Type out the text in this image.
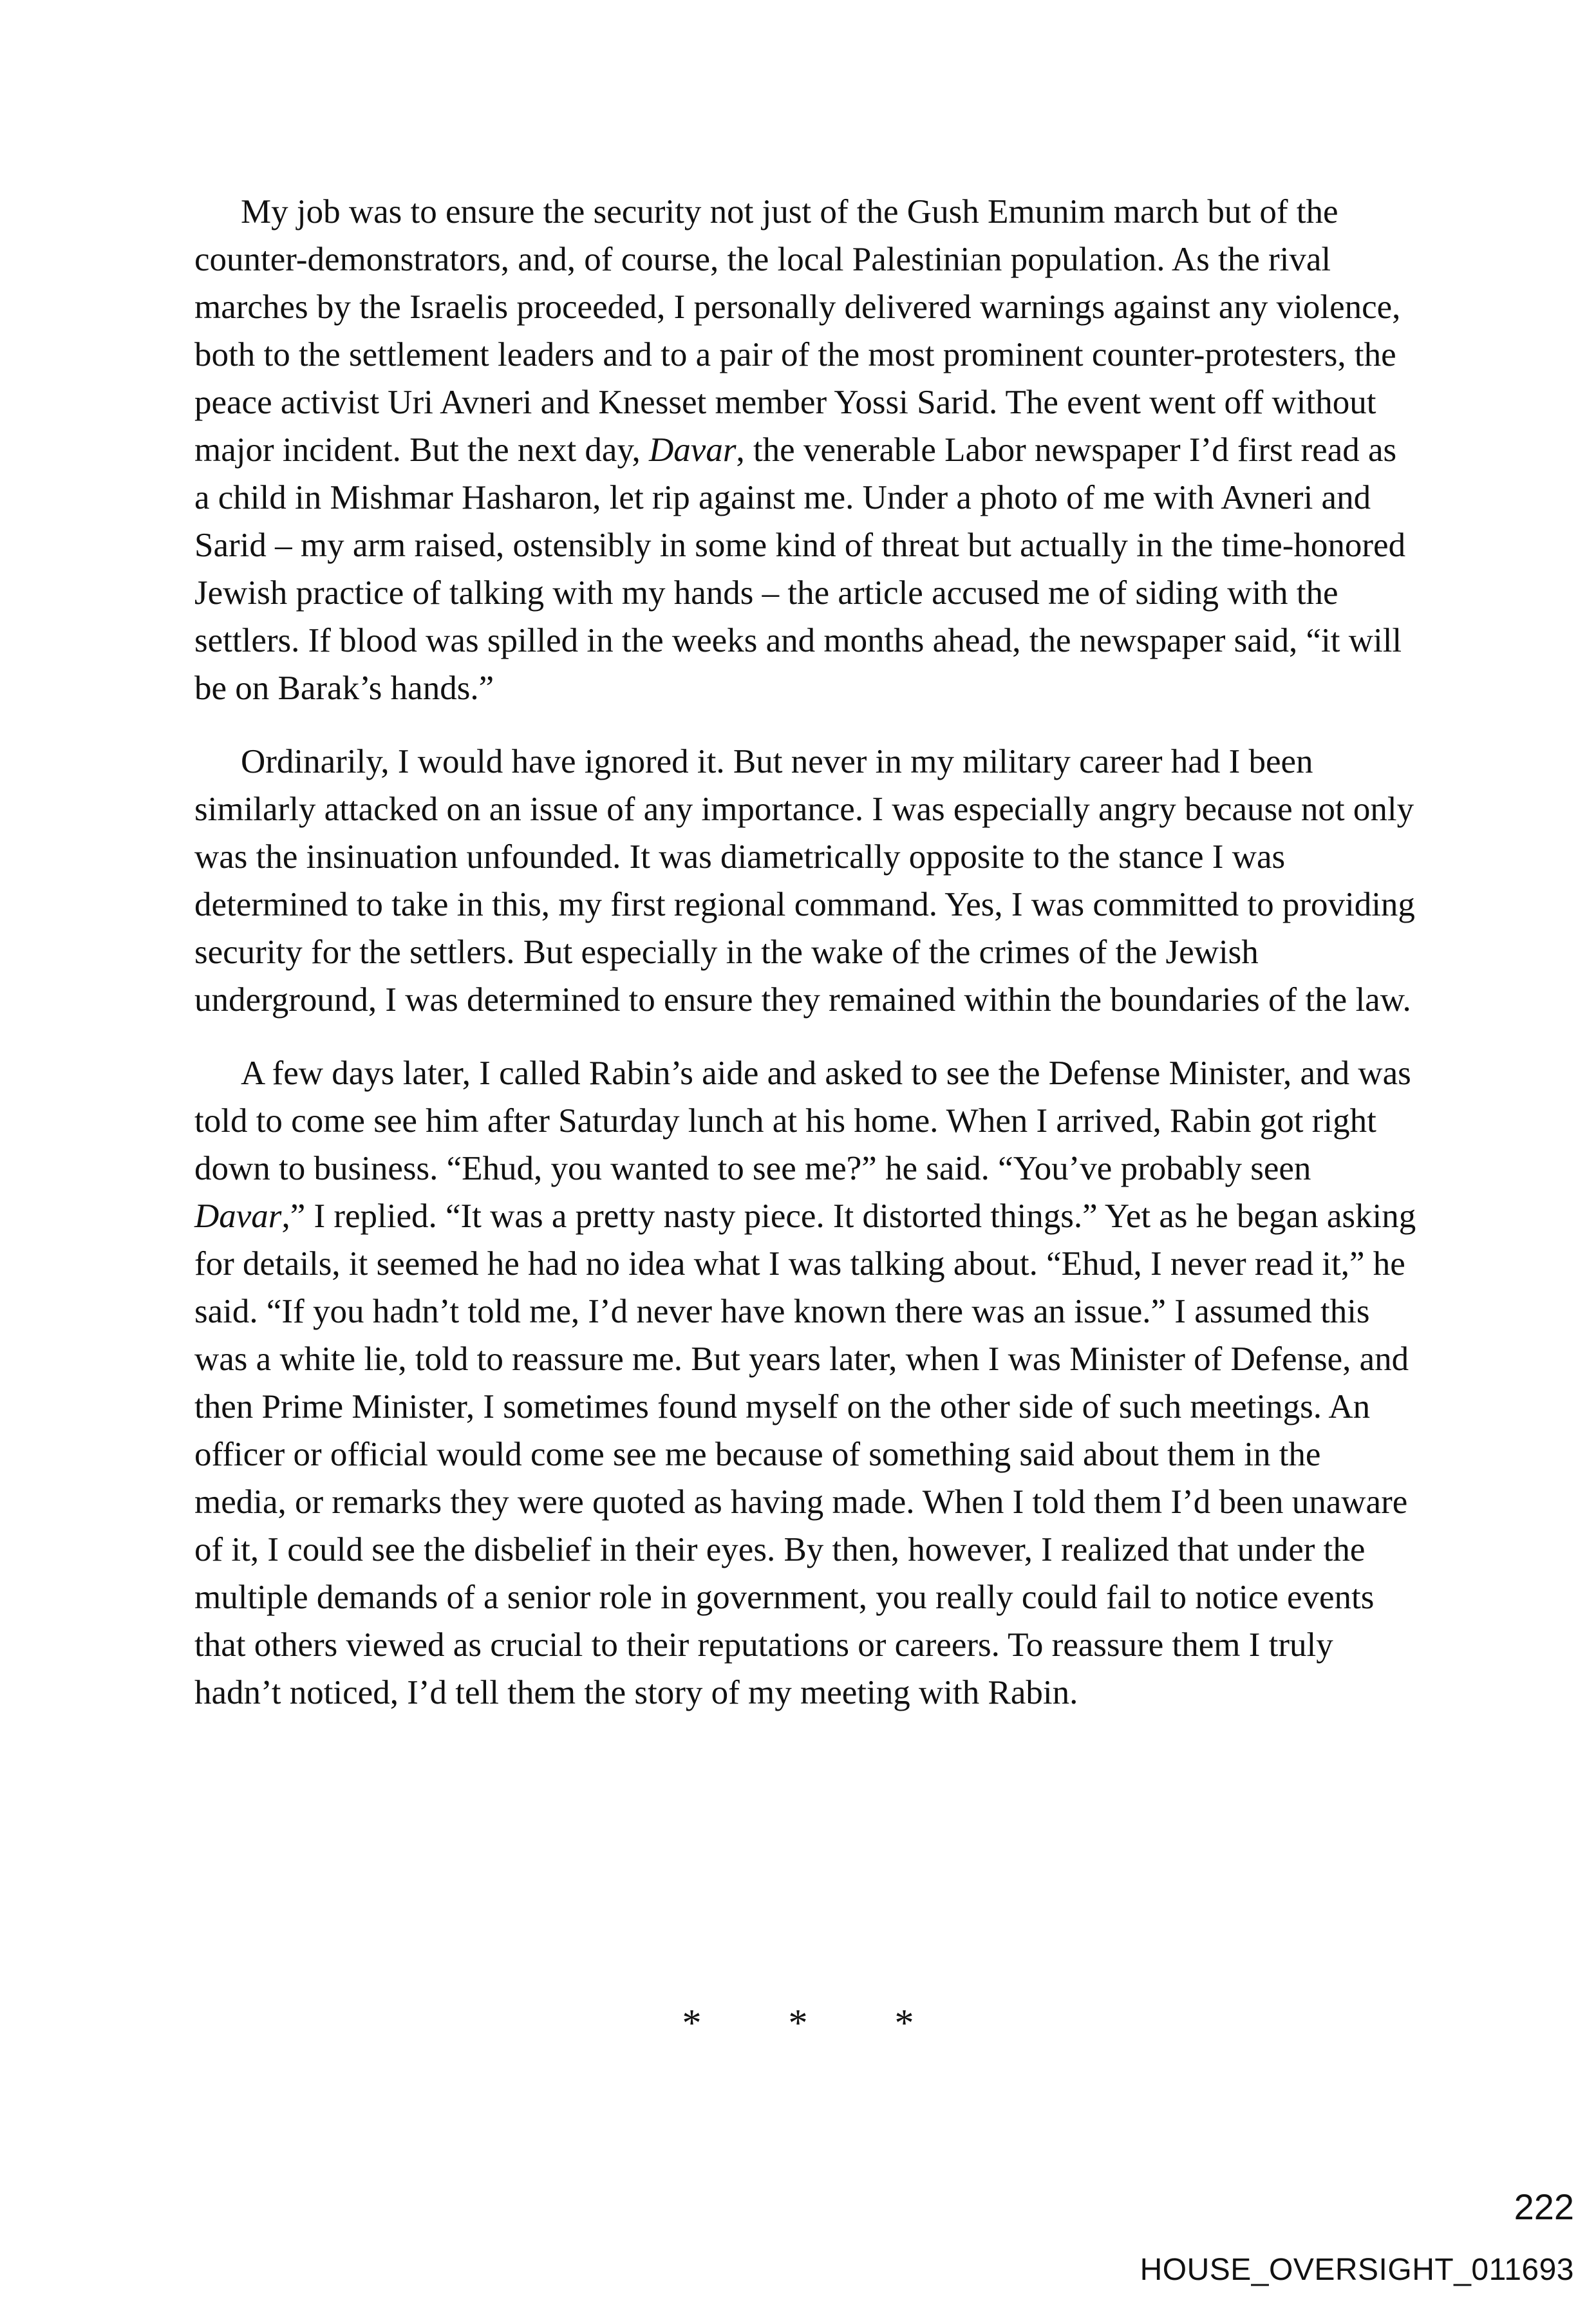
My job was to ensure the security not just of the Gush Emunim march but of the counter-demonstrators, and, of course, the local Palestinian population. As the rival marches by the Israelis proceeded, I personally delivered warnings against any violence, both to the settlement leaders and to a pair of the most prominent counter-protesters, the peace activist Uri Avneri and Knesset member Yossi Sarid. The event went off without major incident. But the next day, Davar, the venerable Labor newspaper I’d first read as a child in Mishmar Hasharon, let rip against me. Under a photo of me with Avneri and Sarid – my arm raised, ostensibly in some kind of threat but actually in the time-honored Jewish practice of talking with my hands – the article accused me of siding with the settlers. If blood was spilled in the weeks and months ahead, the newspaper said, “it will be on Barak’s hands.”

Ordinarily, I would have ignored it. But never in my military career had I been similarly attacked on an issue of any importance. I was especially angry because not only was the insinuation unfounded. It was diametrically opposite to the stance I was determined to take in this, my first regional command. Yes, I was committed to providing security for the settlers. But especially in the wake of the crimes of the Jewish underground, I was determined to ensure they remained within the boundaries of the law.

A few days later, I called Rabin’s aide and asked to see the Defense Minister, and was told to come see him after Saturday lunch at his home. When I arrived, Rabin got right down to business. “Ehud, you wanted to see me?” he said. “You’ve probably seen Davar,” I replied. “It was a pretty nasty piece. It distorted things.” Yet as he began asking for details, it seemed he had no idea what I was talking about. “Ehud, I never read it,” he said. “If you hadn’t told me, I’d never have known there was an issue.” I assumed this was a white lie, told to reassure me. But years later, when I was Minister of Defense, and then Prime Minister, I sometimes found myself on the other side of such meetings. An officer or official would come see me because of something said about them in the media, or remarks they were quoted as having made. When I told them I’d been unaware of it, I could see the disbelief in their eyes. By then, however, I realized that under the multiple demands of a senior role in government, you really could fail to notice events that others viewed as crucial to their reputations or careers. To reassure them I truly hadn’t noticed, I’d tell them the story of my meeting with Rabin.

* * *
222
HOUSE_OVERSIGHT_011693
